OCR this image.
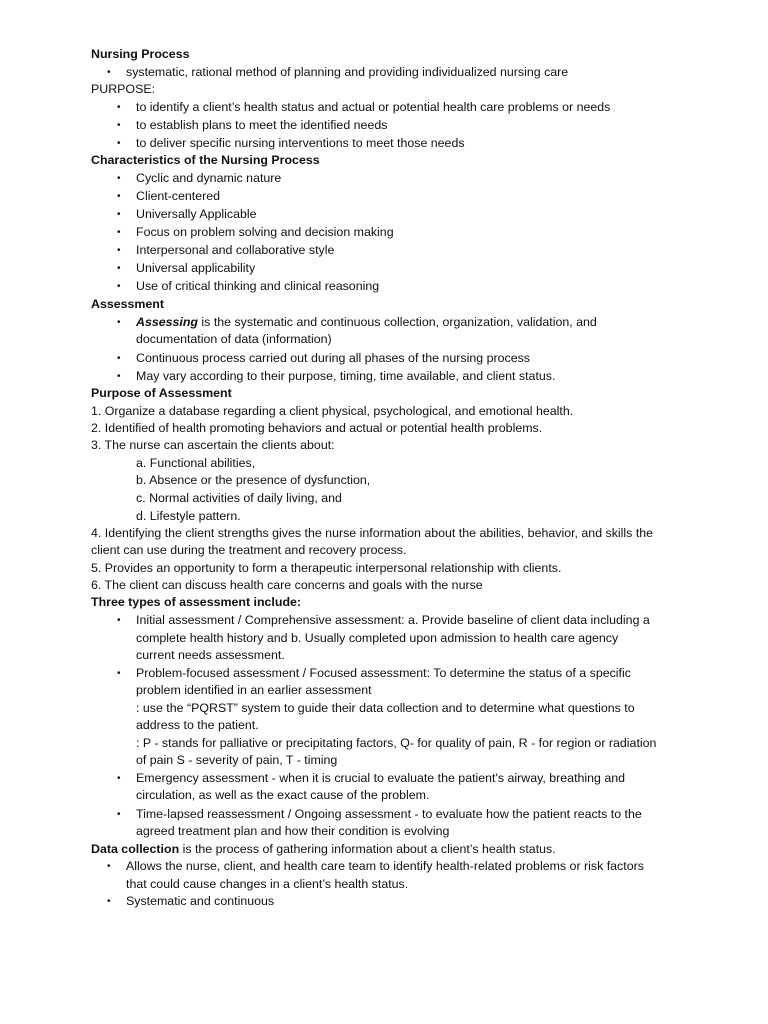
Nursing Process
• systematic, rational method of planning and providing individualized nursing care
PURPOSE:
• to identify a client’s health status and actual or potential health care problems or needs
• to establish plans to meet the identified needs
• to deliver specific nursing interventions to meet those needs
Characteristics of the Nursing Process
• Cyclic and dynamic nature
• Client-centered
• Universally Applicable
• Focus on problem solving and decision making
• Interpersonal and collaborative style
• Universal applicability
• Use of critical thinking and clinical reasoning
Assessment
• Assessing is the systematic and continuous collection, organization, validation, and
documentation of data (information)
• Continuous process carried out during all phases of the nursing process
• May vary according to their purpose, timing, time available, and client status.
Purpose of Assessment
1. Organize a database regarding a client physical, psychological, and emotional health.
2. Identified of health promoting behaviors and actual or potential health problems.
3. The nurse can ascertain the clients about:
a. Functional abilities,
b. Absence or the presence of dysfunction,
c. Normal activities of daily living, and
d. Lifestyle pattern.
4. Identifying the client strengths gives the nurse information about the abilities, behavior, and skills the
client can use during the treatment and recovery process.
5. Provides an opportunity to form a therapeutic interpersonal relationship with clients.
6. The client can discuss health care concerns and goals with the nurse
Three types of assessment include:
• Initial assessment / Comprehensive assessment: a. Provide baseline of client data including a
complete health history and b. Usually completed upon admission to health care agency
current needs assessment.
• Problem-focused assessment / Focused assessment: To determine the status of a specific
problem identified in an earlier assessment
: use the “PQRST” system to guide their data collection and to determine what questions to
address to the patient.
: P - stands for palliative or precipitating factors, Q- for quality of pain, R - for region or radiation
of pain S - severity of pain, T - timing
• Emergency assessment - when it is crucial to evaluate the patient's airway, breathing and
circulation, as well as the exact cause of the problem.
• Time-lapsed reassessment / Ongoing assessment - to evaluate how the patient reacts to the
agreed treatment plan and how their condition is evolving
Data collection is the process of gathering information about a client’s health status.
• Allows the nurse, client, and health care team to identify health-related problems or risk factors
that could cause changes in a client’s health status.
• Systematic and continuous
